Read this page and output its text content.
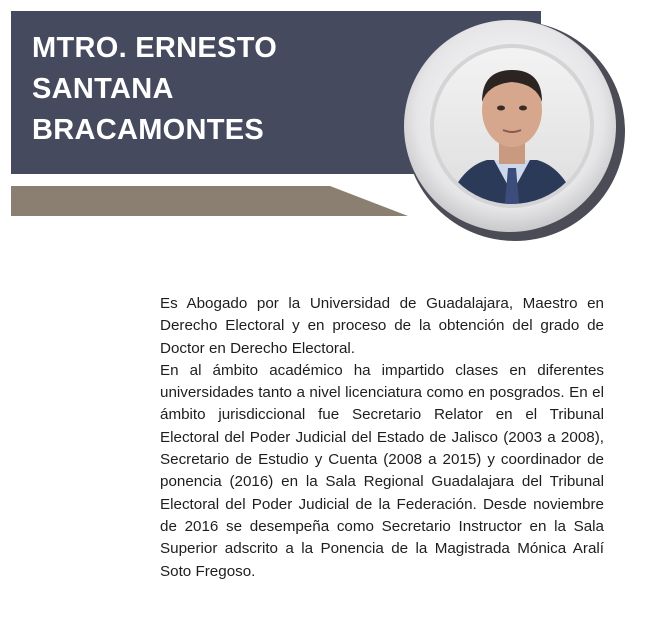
MTRO. ERNESTO
SANTANA
BRACAMONTES

Es Abogado por la Universidad de Guadalajara, Maestro en Derecho Electoral y en proceso de la obtención del grado de Doctor en Derecho Electoral.

En al ámbito académico ha impartido clases en diferentes universidades tanto a nivel licenciatura como en posgrados. En el ámbito jurisdiccional fue Secretario Relator en el Tribunal Electoral del Poder Judicial del Estado de Jalisco (2003 a 2008), Secretario de Estudio y Cuenta (2008 a 2015) y coordinador de ponencia (2016) en la Sala Regional Guadalajara del Tribunal Electoral del Poder Judicial de la Federación. Desde noviembre de 2016 se desempeña como Secretario Instructor en la Sala Superior adscrito a la Ponencia de la Magistrada Mónica Aralí Soto Fregoso.
